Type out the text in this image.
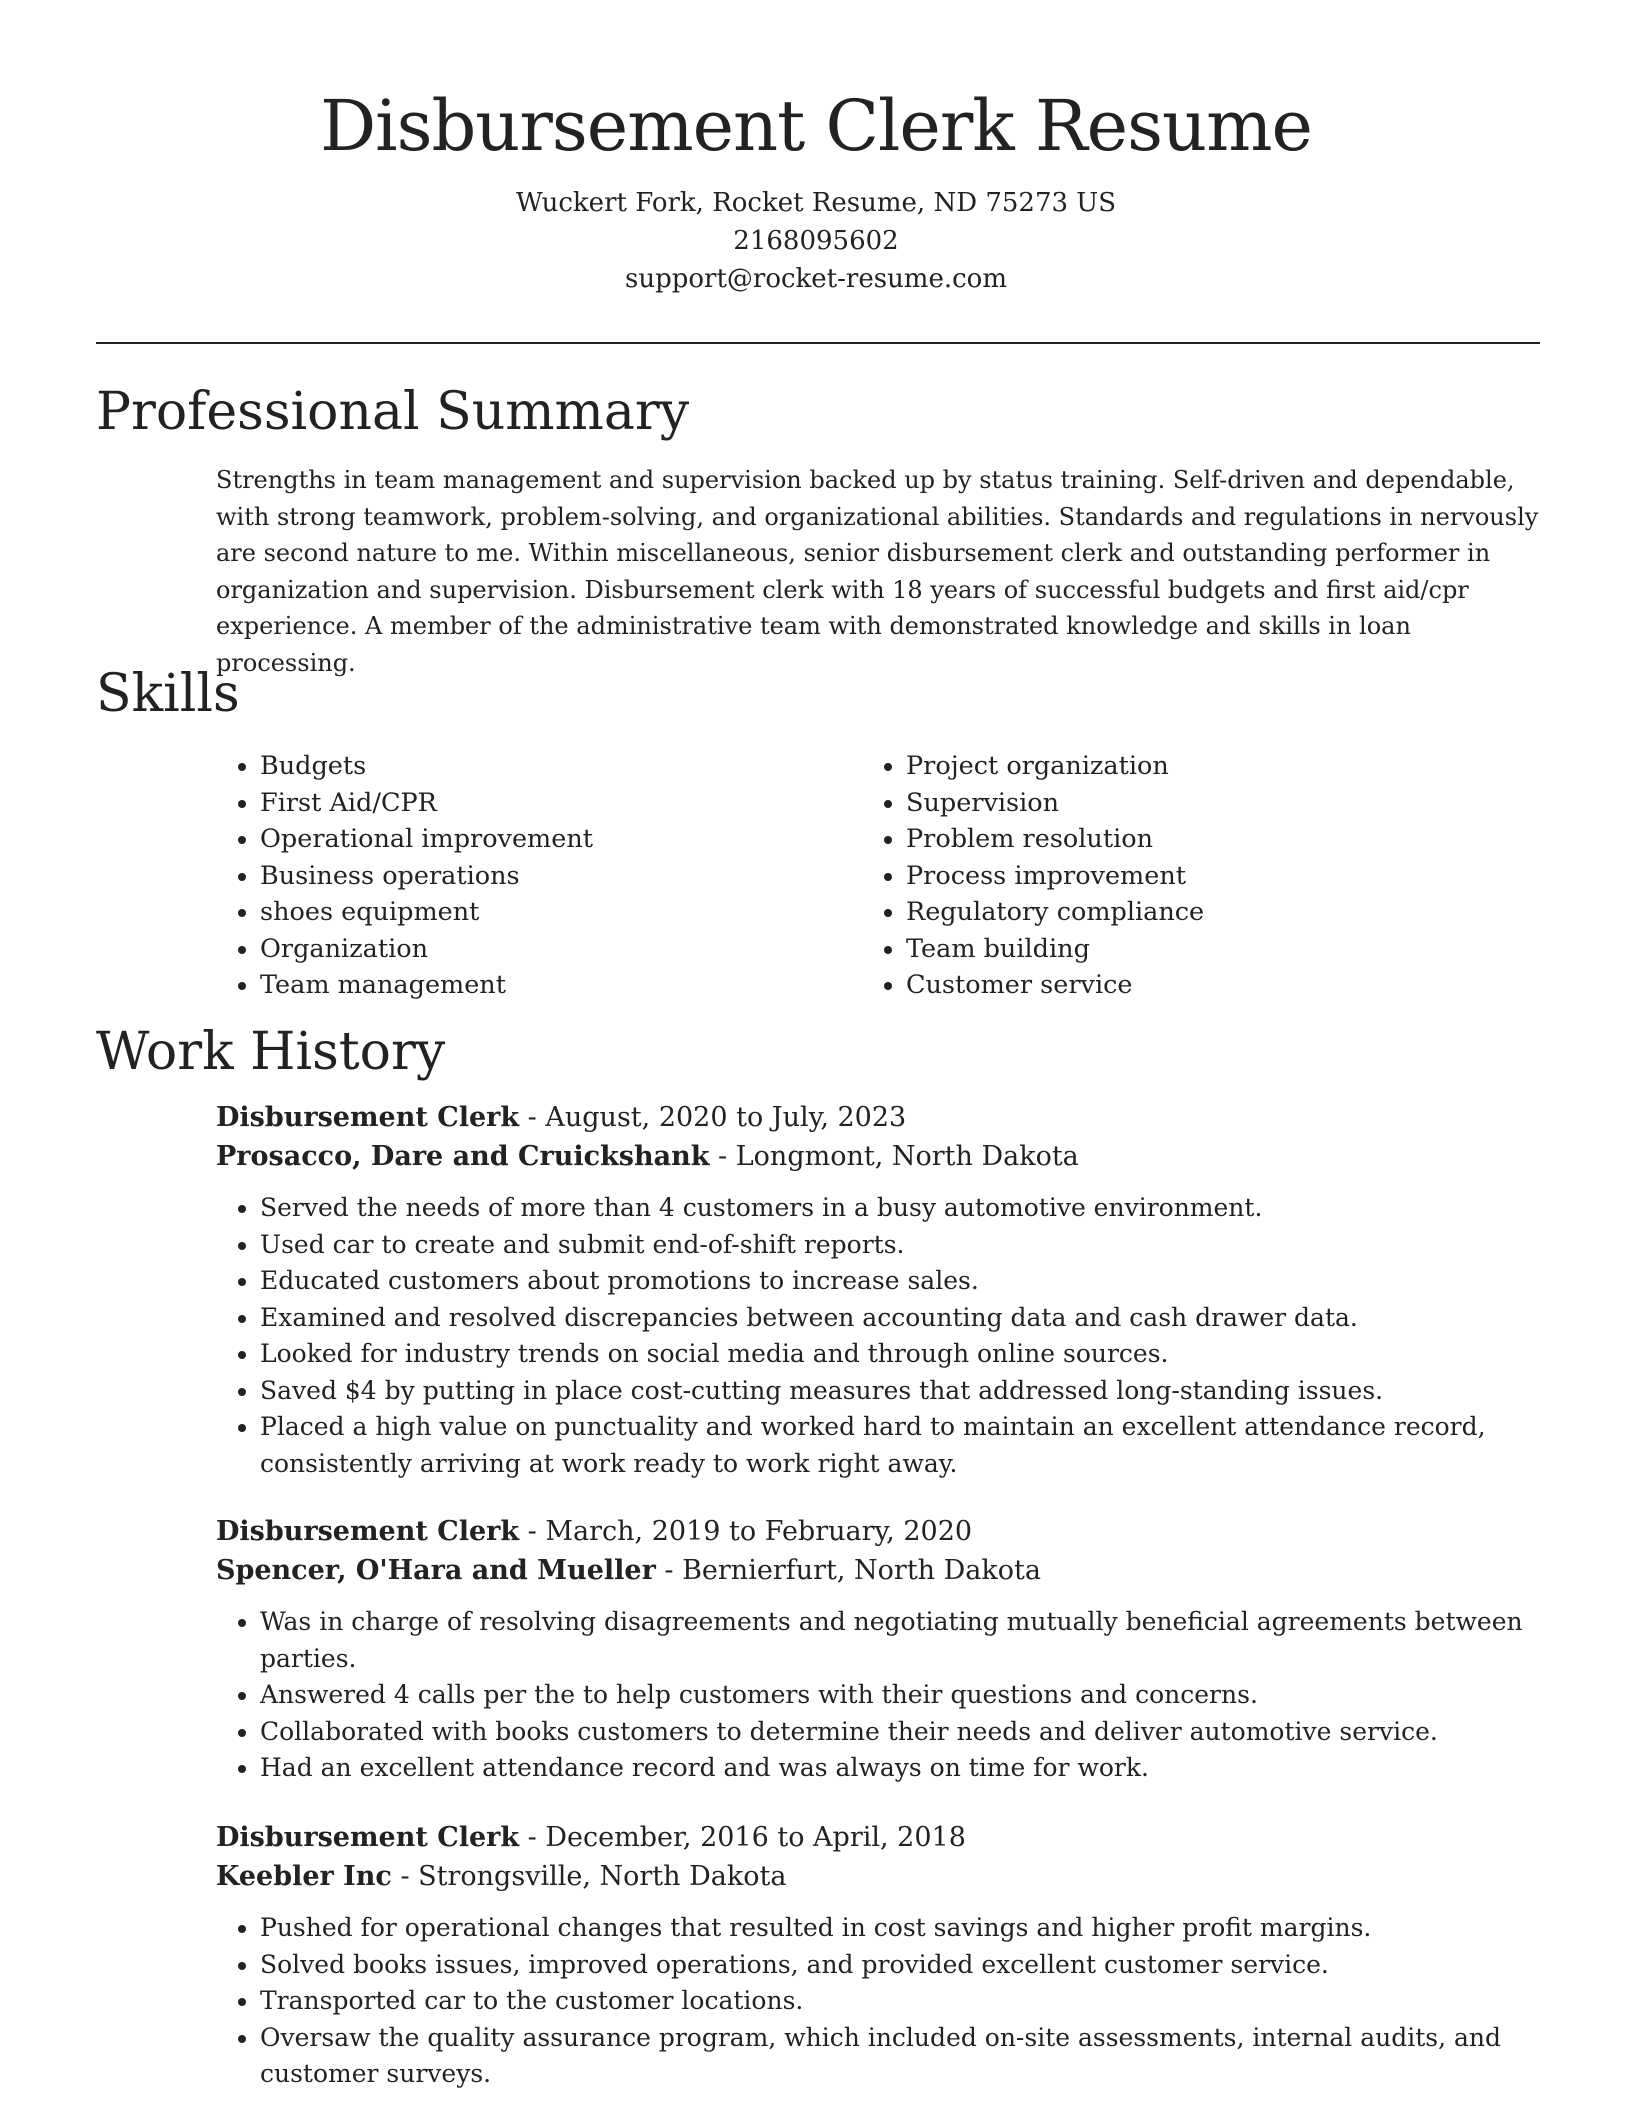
Disbursement Clerk Resume

Wuckert Fork, Rocket Resume, ND 75273 US

2168095602

support@rocket-resume.com

Professional Summary

Strengths in team management and supervision backed up by status training. Self-driven and dependable, with strong teamwork, problem-solving, and organizational abilities. Standards and regulations in nervously are second nature to me. Within miscellaneous, senior disbursement clerk and outstanding performer in organization and supervision. Disbursement clerk with 18 years of successful budgets and first aid/cpr experience. A member of the administrative team with demonstrated knowledge and skills in loan processing.

Skills
• Budgets
• First Aid/CPR
• Operational improvement
• Business operations
• shoes equipment
• Organization
• Team management
• Project organization
• Supervision
• Problem resolution
• Process improvement
• Regulatory compliance
• Team building
• Customer service
Work History

Disbursement Clerk - August, 2020 to July, 2023

Prosacco, Dare and Cruickshank - Longmont, North Dakota

• Served the needs of more than 4 customers in a busy automotive environment.
• Used car to create and submit end-of-shift reports.
• Educated customers about promotions to increase sales.
• Examined and resolved discrepancies between accounting data and cash drawer data.
• Looked for industry trends on social media and through online sources.
• Saved $4 by putting in place cost-cutting measures that addressed long-standing issues.
• Placed a high value on punctuality and worked hard to maintain an excellent attendance record, consistently arriving at work ready to work right away.

Disbursement Clerk - March, 2019 to February, 2020

Spencer, O'Hara and Mueller - Bernierfurt, North Dakota

• Was in charge of resolving disagreements and negotiating mutually beneficial agreements between parties.
• Answered 4 calls per the to help customers with their questions and concerns.
• Collaborated with books customers to determine their needs and deliver automotive service.
• Had an excellent attendance record and was always on time for work.

Disbursement Clerk - December, 2016 to April, 2018

Keebler Inc - Strongsville, North Dakota

• Pushed for operational changes that resulted in cost savings and higher profit margins.
• Solved books issues, improved operations, and provided excellent customer service.
• Transported car to the customer locations.
• Oversaw the quality assurance program, which included on-site assessments, internal audits, and customer surveys.
